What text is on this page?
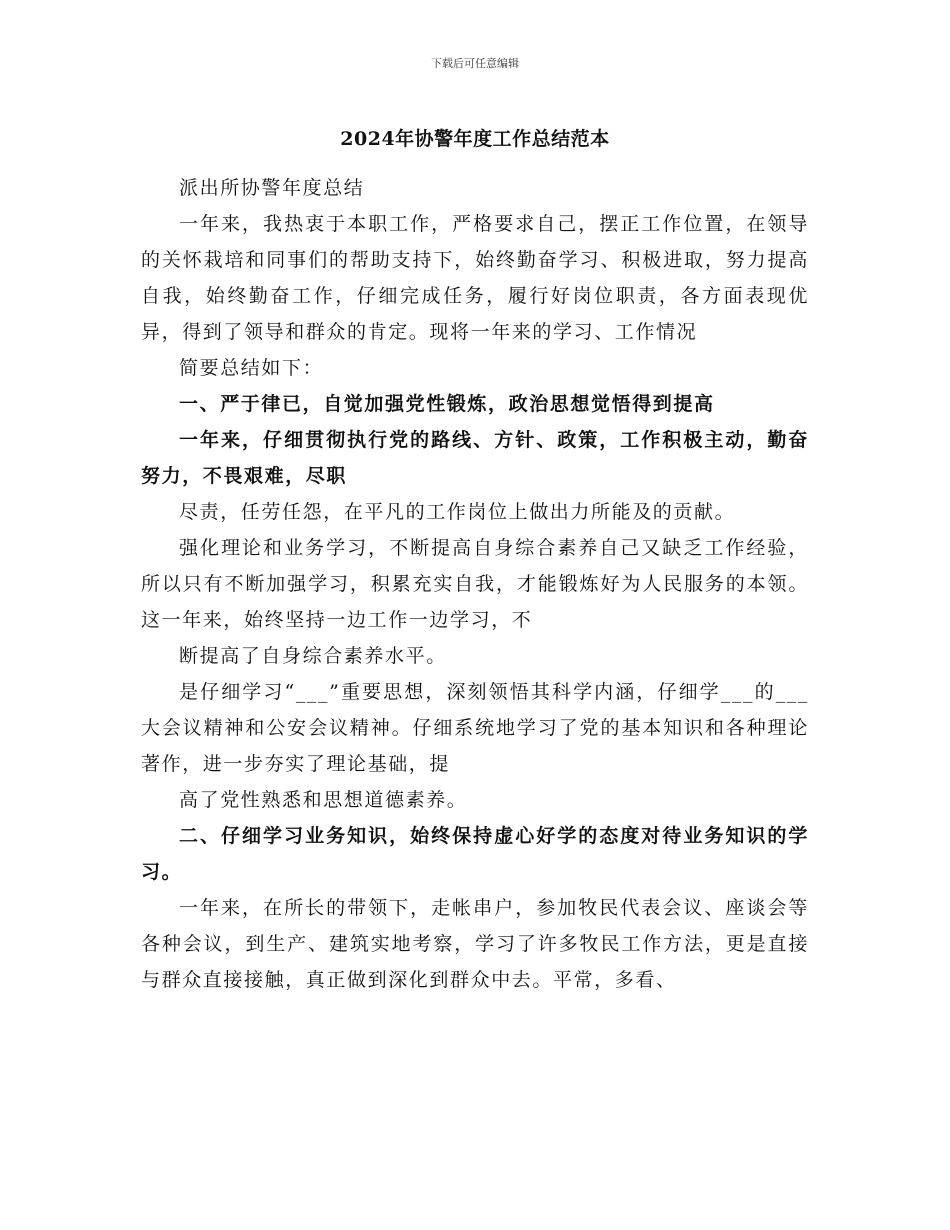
下载后可任意编辑
2024年协警年度工作总结范本

派出所协警年度总结

一年来，我热衷于本职工作，严格要求自己，摆正工作位置，在领导的关怀栽培和同事们的帮助支持下，始终勤奋学习、积极进取，努力提高自我，始终勤奋工作，仔细完成任务，履行好岗位职责，各方面表现优异，得到了领导和群众的肯定。现将一年来的学习、工作情况

简要总结如下：

一、严于律已，自觉加强党性锻炼，政治思想觉悟得到提高

一年来，仔细贯彻执行党的路线、方针、政策，工作积极主动，勤奋努力，不畏艰难，尽职

尽责，任劳任怨，在平凡的工作岗位上做出力所能及的贡献。

强化理论和业务学习，不断提高自身综合素养自己又缺乏工作经验，所以只有不断加强学习，积累充实自我，才能锻炼好为人民服务的本领。这一年来，始终坚持一边工作一边学习，不

断提高了自身综合素养水平。

是仔细学习“___”重要思想，深刻领悟其科学内涵，仔细学___的___大会议精神和公安会议精神。仔细系统地学习了党的基本知识和各种理论著作，进一步夯实了理论基础，提

高了党性熟悉和思想道德素养。

二、仔细学习业务知识，始终保持虚心好学的态度对待业务知识的学习。

一年来，在所长的带领下，走帐串户，参加牧民代表会议、座谈会等各种会议，到生产、建筑实地考察，学习了许多牧民工作方法，更是直接与群众直接接触，真正做到深化到群众中去。平常，多看、
